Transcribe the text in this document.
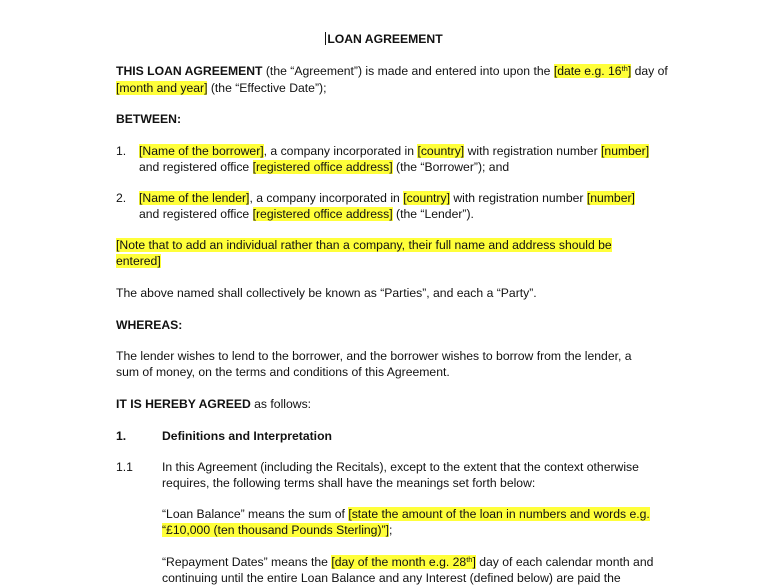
LOAN AGREEMENT
THIS LOAN AGREEMENT (the “Agreement”) is made and entered into upon the [date e.g. 16th] day of
[month and year] (the “Effective Date”);
BETWEEN:
1. [Name of the borrower], a company incorporated in [country] with registration number [number]
and registered office [registered office address] (the “Borrower”); and
2. [Name of the lender], a company incorporated in [country] with registration number [number]
and registered office [registered office address] (the “Lender”).
[Note that to add an individual rather than a company, their full name and address should be
entered]
The above named shall collectively be known as “Parties”, and each a “Party”.
WHEREAS:
The lender wishes to lend to the borrower, and the borrower wishes to borrow from the lender, a
sum of money, on the terms and conditions of this Agreement.
IT IS HEREBY AGREED as follows:
1.	Definitions and Interpretation
1.1 In this Agreement (including the Recitals), except to the extent that the context otherwise
requires, the following terms shall have the meanings set forth below:
“Loan Balance” means the sum of [state the amount of the loan in numbers and words e.g.
“£10,000 (ten thousand Pounds Sterling)”];
“Repayment Dates” means the [day of the month e.g. 28th] day of each calendar month and
continuing until the entire Loan Balance and any Interest (defined below) are paid the
